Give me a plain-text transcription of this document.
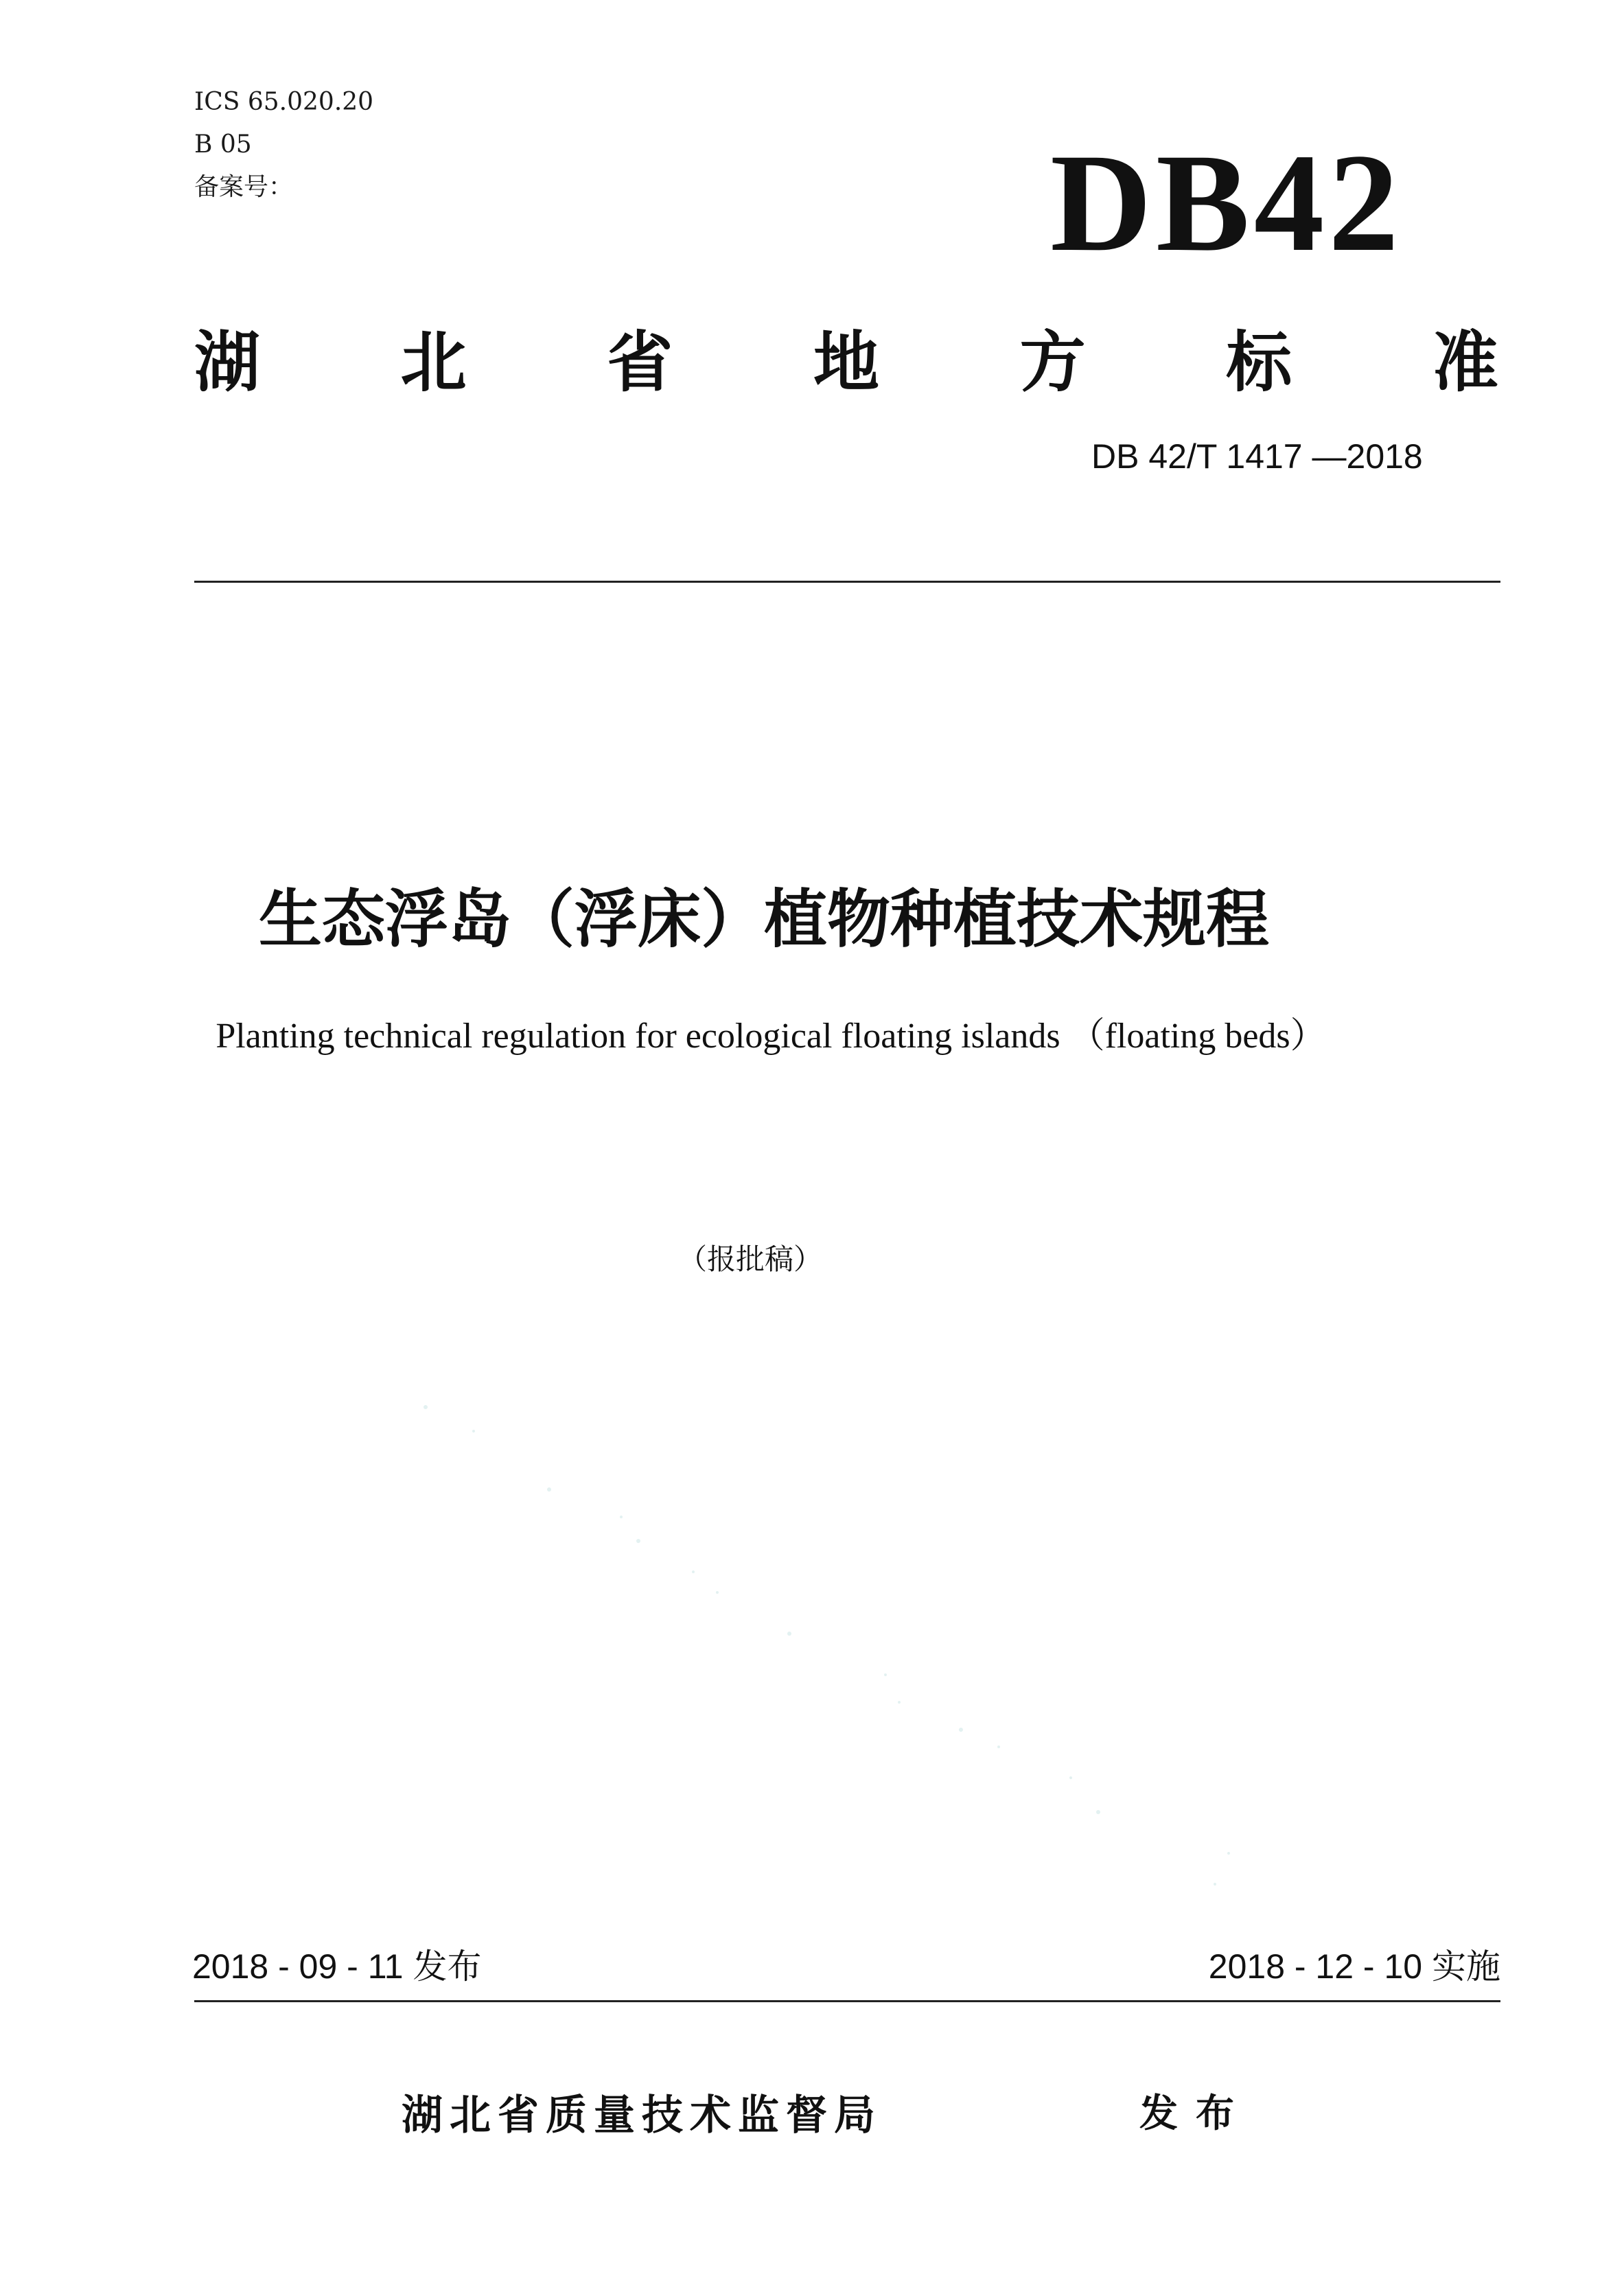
ICS 65.020.20
B 05
备案号：	DB42
湖 北 省 地 方 标 准
DB 42/T 1417 —2018
生态浮岛（浮床）植物种植技术规程
Planting technical regulation for ecological floating islands （floating beds）
（报批稿）
2018 - 09 - 11 发布	2018 - 12 - 10 实施
湖北省质量技术监督局	发布
